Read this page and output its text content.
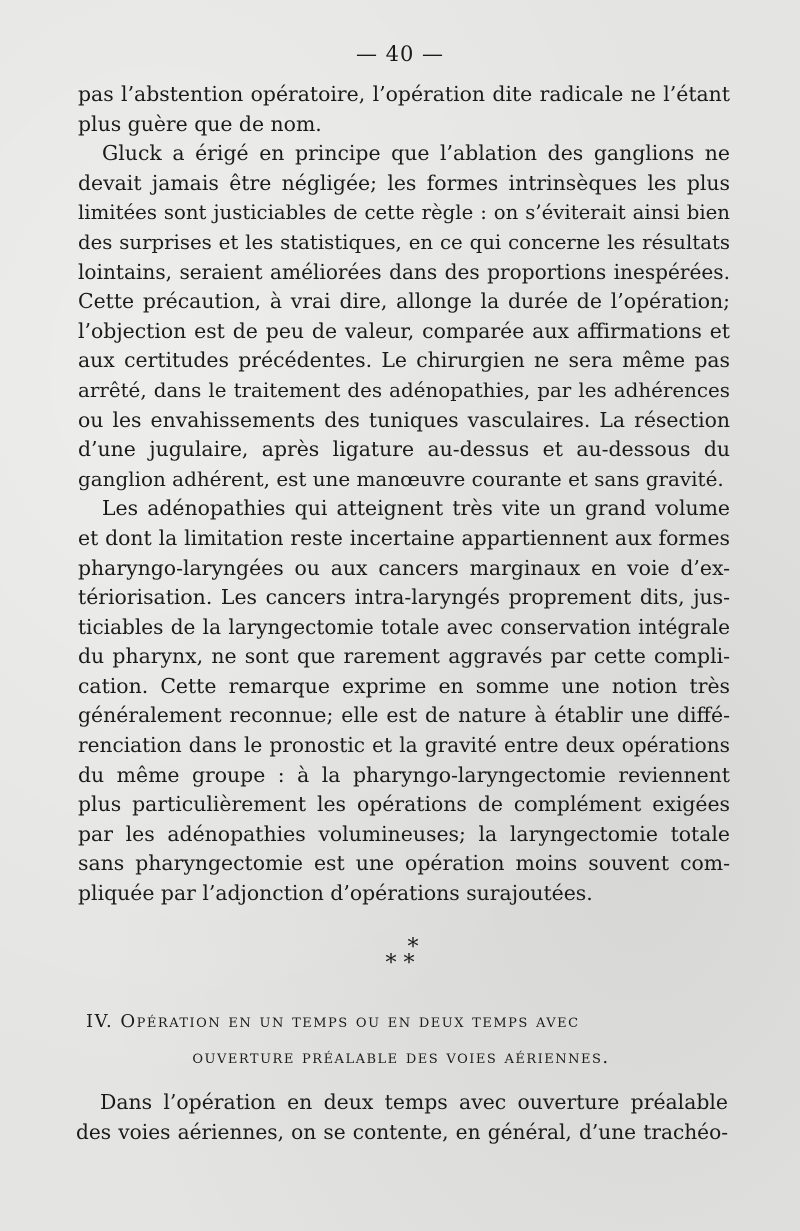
— 40 —
pas l’abstention opératoire, l’opération dite radicale ne l’étant
plus guère que de nom.
Gluck a érigé en principe que l’ablation des ganglions ne
devait jamais être négligée; les formes intrinsèques les plus
limitées sont justiciables de cette règle : on s’éviterait ainsi bien
des surprises et les statistiques, en ce qui concerne les résultats
lointains, seraient améliorées dans des proportions inespérées.
Cette précaution, à vrai dire, allonge la durée de l’opération;
l’objection est de peu de valeur, comparée aux affirmations et
aux certitudes précédentes. Le chirurgien ne sera même pas
arrêté, dans le traitement des adénopathies, par les adhérences
ou les envahissements des tuniques vasculaires. La résection
d’une jugulaire, après ligature au-dessus et au-dessous du
ganglion adhérent, est une manœuvre courante et sans gravité.
Les adénopathies qui atteignent très vite un grand volume
et dont la limitation reste incertaine appartiennent aux formes
pharyngo-laryngées ou aux cancers marginaux en voie d’ex-
tériorisation. Les cancers intra-laryngés proprement dits, jus-
ticiables de la laryngectomie totale avec conservation intégrale
du pharynx, ne sont que rarement aggravés par cette compli-
cation. Cette remarque exprime en somme une notion très
généralement reconnue; elle est de nature à établir une diffé-
renciation dans le pronostic et la gravité entre deux opérations
du même groupe : à la pharyngo-laryngectomie reviennent
plus particulièrement les opérations de complément exigées
par les adénopathies volumineuses; la laryngectomie totale
sans pharyngectomie est une opération moins souvent com-
pliquée par l’adjonction d’opérations surajoutées.
*
* *
IV. Opération en un temps ou en deux temps avec
ouverture préalable des voies aériennes.
Dans l’opération en deux temps avec ouverture préalable
des voies aériennes, on se contente, en général, d’une trachéo-
